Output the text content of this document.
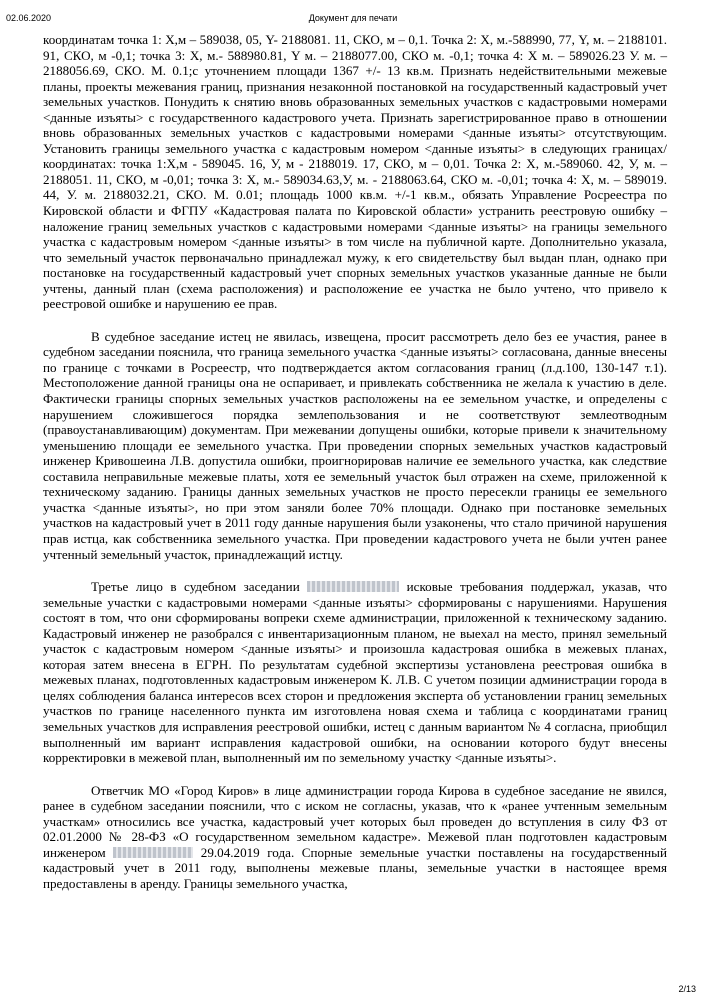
02.06.2020	Документ для печати

координатам точка 1: Х,м – 589038, 05, Y- 2188081. 11, СКО, м – 0,1. Точка 2: Х, м.-588990, 77, Y, м. – 2188101. 91, СКО, м -0,1; точка 3: Х, м.- 588980.81, Y м. – 2188077.00, СКО м. -0,1; точка 4: Х м. – 589026.23 У. м. – 2188056.69, СКО. М. 0.1;с уточнением площади 1367 +/- 13 кв.м. Признать недействительными межевые планы, проекты межевания границ, признания незаконной постановкой на государственный кадастровый учет земельных участков. Понудить к снятию вновь образованных земельных участков с кадастровыми номерами <данные изъяты> с государственного кадастрового учета. Признать зарегистрированное право в отношении вновь образованных земельных участков с кадастровыми номерами <данные изъяты> отсутствующим. Установить границы земельного участка с кадастровым номером <данные изъяты> в следующих границах/координатах: точка 1:Х,м - 589045. 16, У, м - 2188019. 17, СКО, м – 0,01. Точка 2: Х, м.-589060. 42, У, м. – 2188051. 11, СКО, м -0,01; точка 3: Х, м.- 589034.63,У, м. - 2188063.64, СКО м. -0,01; точка 4: Х, м. – 589019. 44, У. м. 2188032.21, СКО. М. 0.01; площадь 1000 кв.м. +/-1 кв.м., обязать Управление Росреестра по Кировской области и ФГПУ «Кадастровая палата по Кировской области» устранить реестровую ошибку – наложение границ земельных участков с кадастровыми номерами <данные изъяты> на границы земельного участка с кадастровым номером <данные изъяты> в том числе на публичной карте. Дополнительно указала, что земельный участок первоначально принадлежал мужу, к его свидетельству был выдан план, однако при постановке на государственный кадастровый учет спорных земельных участков указанные данные не были учтены, данный план (схема расположения) и расположение ее участка не было учтено, что привело к реестровой ошибке и нарушению ее прав.

В судебное заседание истец не явилась, извещена, просит рассмотреть дело без ее участия, ранее в судебном заседании пояснила, что граница земельного участка <данные изъяты> согласована, данные внесены по границе с точками в Росреестр, что подтверждается актом согласования границ (л.д.100, 130-147 т.1). Местоположение данной границы она не оспаривает, и привлекать собственника не желала к участию в деле. Фактически границы спорных земельных участков расположены на ее земельном участке, и определены с нарушением сложившегося порядка землепользования и не соответствуют землеотводным (правоустанавливающим) документам. При межевании допущены ошибки, которые привели к значительному уменьшению площади ее земельного участка. При проведении спорных земельных участков кадастровый инженер Кривошеина Л.В. допустила ошибки, проигнорировав наличие ее земельного участка, как следствие составила неправильные межевые платы, хотя ее земельный участок был отражен на схеме, приложенной к техническому заданию. Границы данных земельных участков не просто пересекли границы ее земельного участка <данные изъяты>, но при этом заняли более 70% площади. Однако при постановке земельных участков на кадастровый учет в 2011 году данные нарушения были узаконены, что стало причиной нарушения прав истца, как собственника земельного участка. При проведении кадастрового учета не были учтен ранее учтенный земельный участок, принадлежащий истцу.

Третье лицо в судебном заседании	исковые требования поддержал, указав, что земельные участки с кадастровыми номерами <данные изъяты> сформированы с нарушениями. Нарушения состоят в том, что они сформированы вопреки схеме администрации, приложенной к техническому заданию. Кадастровый инженер не разобрался с инвентаризационным планом, не выехал на место, принял земельный участок с кадастровым номером <данные изъяты> и произошла кадастровая ошибка в межевых планах, которая затем внесена в ЕГРН. По результатам судебной экспертизы установлена реестровая ошибка в межевых планах, подготовленных кадастровым инженером К. Л.В. С учетом позиции администрации города в целях соблюдения баланса интересов всех сторон и предложения эксперта об установлении границ земельных участков по границе населенного пункта им изготовлена новая схема и таблица с координатами границ земельных участков для исправления реестровой ошибки, истец с данным вариантом № 4 согласна, приобщил выполненный им вариант исправления кадастровой ошибки, на основании которого будут внесены корректировки в межевой план, выполненный им по земельному участку <данные изъяты>.

Ответчик МО «Город Киров» в лице администрации города Кирова в судебное заседание не явился, ранее в судебном заседании пояснили, что с иском не согласны, указав, что к «ранее учтенным земельным участкам» относились все участка, кадастровый учет которых был проведен до вступления в силу ФЗ от 02.01.2000 № 28-ФЗ «О государственном земельном кадастре». Межевой план подготовлен кадастровым инженером	29.04.2019 года. Спорные земельные участки поставлены на государственный кадастровый учет в 2011 году, выполнены межевые планы, земельные участки в настоящее время предоставлены в аренду. Границы земельного участка,

2/13
